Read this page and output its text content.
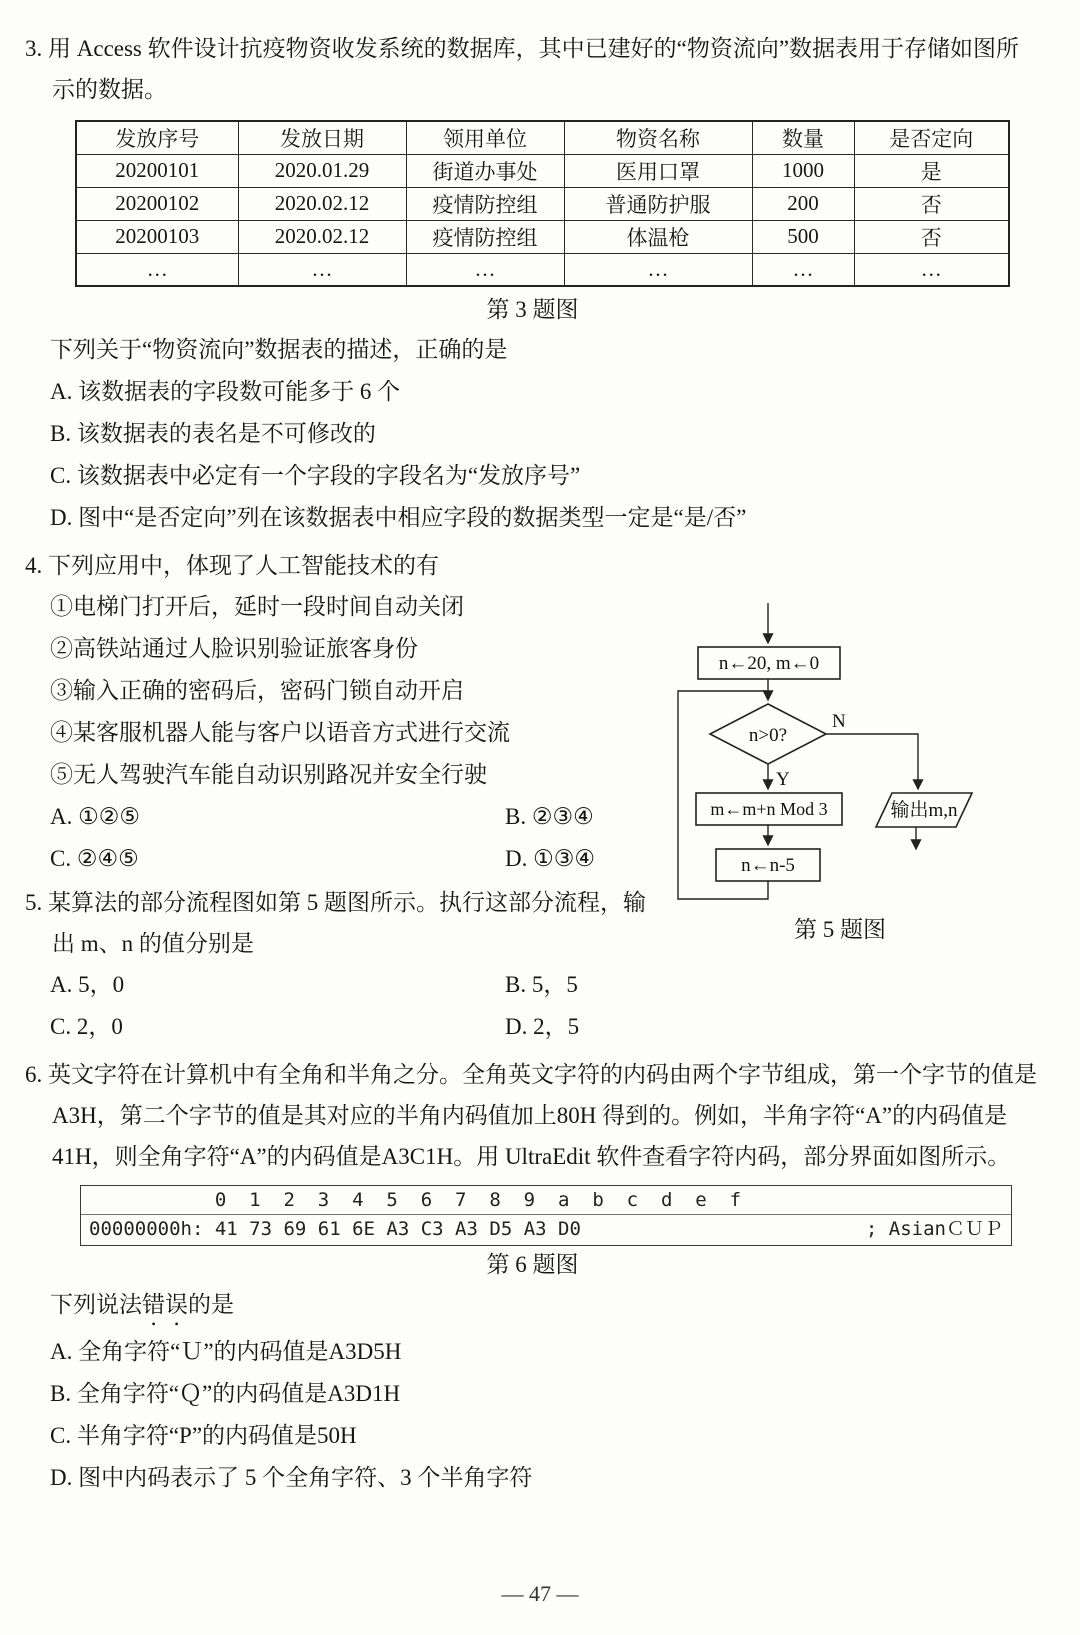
3. 用 Access 软件设计抗疫物资收发系统的数据库，其中已建好的“物资流向”数据表用于存储如图所示的数据。

发放序号	发放日期	领用单位	物资名称	数量	是否定向
20200101	2020.01.29	街道办事处	医用口罩	1000	是
20200102	2020.02.12	疫情防控组	普通防护服	200	否
20200103	2020.02.12	疫情防控组	体温枪	500	否
…	…	…	…	…	…
第 3 题图
下列关于“物资流向”数据表的描述，正确的是
A. 该数据表的字段数可能多于 6 个
B. 该数据表的表名是不可修改的
C. 该数据表中必定有一个字段的字段名为“发放序号”
D. 图中“是否定向”列在该数据表中相应字段的数据类型一定是“是/否”

4. 下列应用中，体现了人工智能技术的有

①电梯门打开后，延时一段时间自动关闭
②高铁站通过人脸识别验证旅客身份
③输入正确的密码后，密码门锁自动开启
④某客服机器人能与客户以语音方式进行交流
⑤无人驾驶汽车能自动识别路况并安全行驶
A. ①②⑤	B. ②③④
C. ②④⑤	D. ①③④

5. 某算法的部分流程图如第 5 题图所示。执行这部分流程，输出 m、n 的值分别是

A. 5，0	B. 5，5
C. 2，0	D. 2，5
n←20, m←0
n>0?
N
Y
m←m+n Mod 3	输出m,n
n←n-5
第 5 题图

6. 英文字符在计算机中有全角和半角之分。全角英文字符的内码由两个字节组成，第一个字节的值是A3H，第二个字节的值是其对应的半角内码值加上80H 得到的。例如，半角字符“A”的内码值是41H，则全角字符“A”的内码值是A3C1H。用 UltraEdit 软件查看字符内码，部分界面如图所示。

0  1  2  3  4  5  6  7  8  9  a  b  c  d  e  f
00000000h: 41 73 69 61 6E A3 C3 A3 D5 A3 D0	; AsianＣＵＰ
第 6 题图
下列说法错误的是
A. 全角字符“Ｕ”的内码值是A3D5H
B. 全角字符“Ｑ”的内码值是A3D1H
C. 半角字符“P”的内码值是50H
D. 图中内码表示了 5 个全角字符、3 个半角字符
— 47 —
